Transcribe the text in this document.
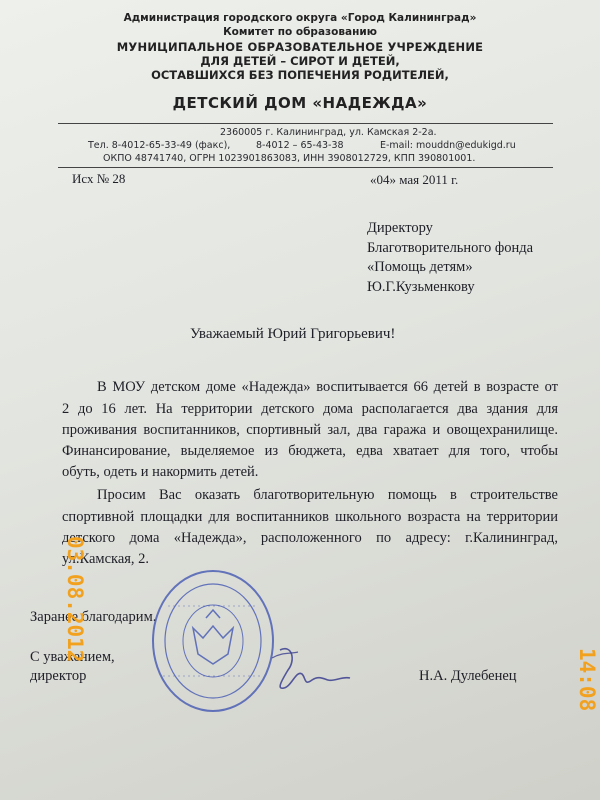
Администрация городского округа «Город Калининград»
Комитет по образованию
МУНИЦИПАЛЬНОЕ ОБРАЗОВАТЕЛЬНОЕ УЧРЕЖДЕНИЕ
ДЛЯ ДЕТЕЙ – СИРОТ И ДЕТЕЙ,
ОСТАВШИХСЯ БЕЗ ПОПЕЧЕНИЯ РОДИТЕЛЕЙ,
ДЕТСКИЙ ДОМ «НАДЕЖДА»
2360005 г. Калининград, ул. Камская 2-2а.
Тел. 8-4012-65-33-49 (факс),	8-4012 – 65-43-38	E-mail: mouddn@edukigd.ru
ОКПО 48741740, ОГРН 1023901863083, ИНН 3908012729, КПП 390801001.
Исх № 28	«04» мая 2011 г.
Директору
Благотворительного фонда
«Помощь детям»
Ю.Г.Кузьменкову
Уважаемый Юрий Григорьевич!
В МОУ детском доме «Надежда» воспитывается 66 детей в возрасте от
2 до 16 лет. На территории детского дома располагается два здания для
проживания воспитанников, спортивный зал, два гаража и овощехранилище.
Финансирование, выделяемое из бюджета, едва хватает для того, чтобы
обуть, одеть и накормить детей.
Просим Вас оказать благотворительную помощь в строительстве
спортивной площадки для воспитанников школьного возраста на территории
детского дома «Надежда», расположенного по адресу: г.Калининград,
ул.Камская, 2.
Заранее благодарим.
С уважением,
директор	Н.А. Дулебенец
03.08.2012
14:08
